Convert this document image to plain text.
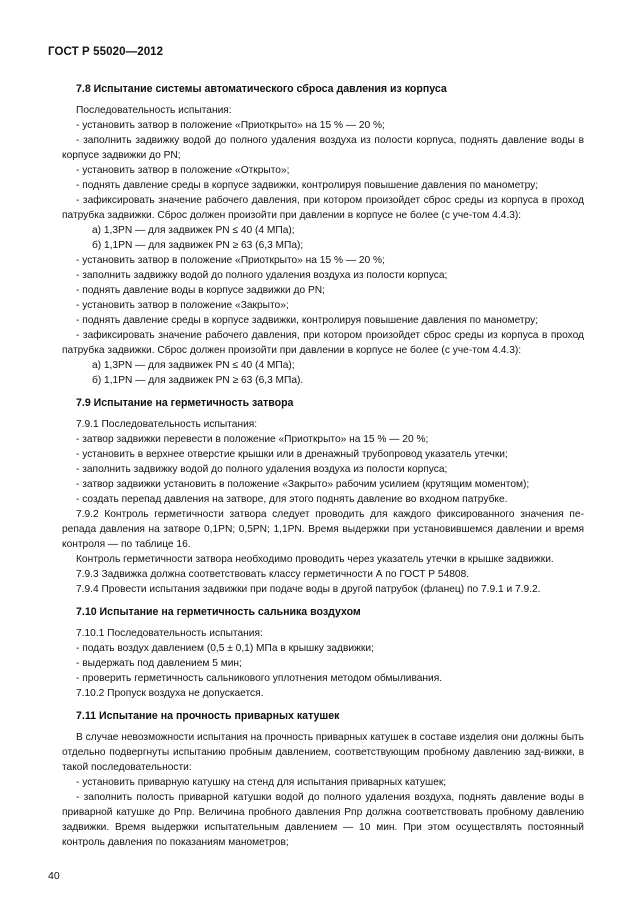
ГОСТ Р 55020—2012

7.8 Испытание системы автоматического сброса давления из корпуса

Последовательность испытания:

- установить затвор в положение «Приоткрыто» на 15 % — 20 %;

- заполнить задвижку водой до полного удаления воздуха из полости корпуса, поднять давление воды в корпусе задвижки до PN;

- установить затвор в положение «Открыто»;

- поднять давление среды в корпусе задвижки, контролируя повышение давления по манометру;

- зафиксировать значение рабочего давления, при котором произойдет сброс среды из корпуса в проход патрубка задвижки. Сброс должен произойти при давлении в корпусе не более (с уче-том 4.4.3):

а) 1,3PN — для задвижек PN ≤ 40 (4 МПа);

б) 1,1PN — для задвижек PN ≥ 63 (6,3 МПа);

- установить затвор в положение «Приоткрыто» на 15 % — 20 %;

- заполнить задвижку водой до полного удаления воздуха из полости корпуса;

- поднять давление воды в корпусе задвижки до PN;

- установить затвор в положение «Закрыто»;

- поднять давление среды в корпусе задвижки, контролируя повышение давления по манометру;

- зафиксировать значение рабочего давления, при котором произойдет сброс среды из корпуса в проход патрубка задвижки. Сброс должен произойти при давлении в корпусе не более (с уче-том 4.4.3):

а) 1,3PN — для задвижек PN ≤ 40 (4 МПа);

б) 1,1PN — для задвижек PN ≥ 63 (6,3 МПа).

7.9 Испытание на герметичность затвора

7.9.1 Последовательность испытания:

- затвор задвижки перевести в положение «Приоткрыто» на 15 % — 20 %;

- установить в верхнее отверстие крышки или в дренажный трубопровод указатель утечки;

- заполнить задвижку водой до полного удаления воздуха из полости корпуса;

- затвор задвижки установить в положение «Закрыто» рабочим усилием (крутящим моментом);

- создать перепад давления на затворе, для этого поднять давление во входном патрубке.

7.9.2 Контроль герметичности затвора следует проводить для каждого фиксированного значения пе-репада давления на затворе 0,1PN; 0,5PN; 1,1PN. Время выдержки при установившемся давлении и время контроля — по таблице 16.

Контроль герметичности затвора необходимо проводить через указатель утечки в крышке задвижки.

7.9.3 Задвижка должна соответствовать классу герметичности А по ГОСТ Р 54808.

7.9.4 Провести испытания задвижки при подаче воды в другой патрубок (фланец) по 7.9.1 и 7.9.2.

7.10 Испытание на герметичность сальника воздухом

7.10.1 Последовательность испытания:

- подать воздух давлением (0,5 ± 0,1) МПа в крышку задвижки;

- выдержать под давлением 5 мин;

- проверить герметичность сальникового уплотнения методом обмыливания.

7.10.2 Пропуск воздуха не допускается.

7.11 Испытание на прочность приварных катушек

В случае невозможности испытания на прочность приварных катушек в составе изделия они должны быть отдельно подвергнуты испытанию пробным давлением, соответствующим пробному давлению зад-вижки, в такой последовательности:

- установить приварную катушку на стенд для испытания приварных катушек;

- заполнить полость приварной катушки водой до полного удаления воздуха, поднять давление воды в приварной катушке до Pпр. Величина пробного давления Pпр должна соответствовать пробному давлению задвижки. Время выдержки испытательным давлением — 10 мин. При этом осуществлять постоянный контроль давления по показаниям манометров;

40
